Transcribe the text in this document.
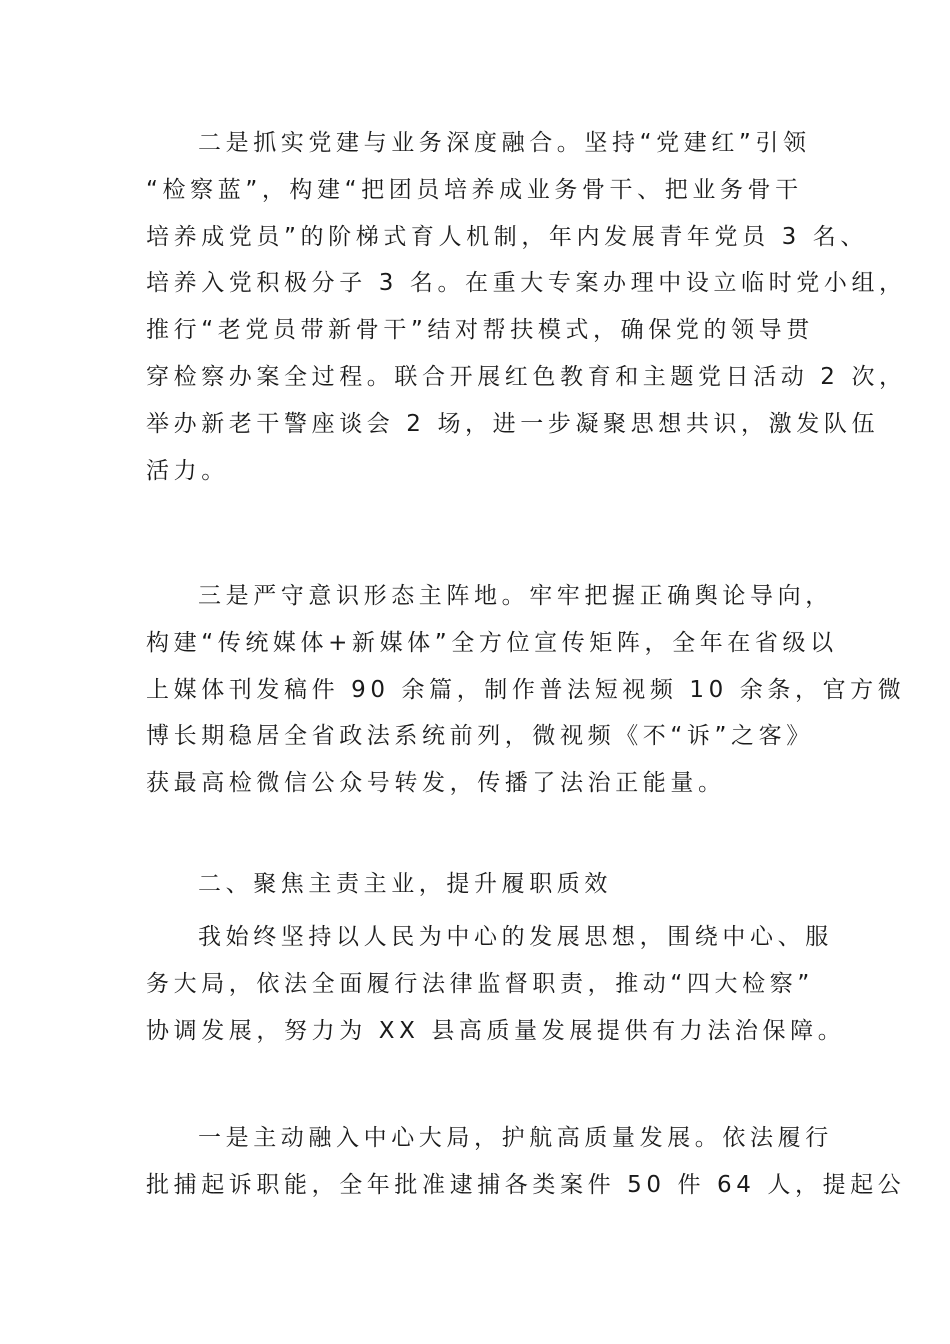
二是抓实党建与业务深度融合。坚持“党建红”引领
“检察蓝”，构建“把团员培养成业务骨干、把业务骨干
培养成党员”的阶梯式育人机制，年内发展青年党员 3 名、
培养入党积极分子 3 名。在重大专案办理中设立临时党小组，
推行“老党员带新骨干”结对帮扶模式，确保党的领导贯
穿检察办案全过程。联合开展红色教育和主题党日活动 2 次，
举办新老干警座谈会 2 场，进一步凝聚思想共识，激发队伍
活力。
三是严守意识形态主阵地。牢牢把握正确舆论导向，
构建“传统媒体+新媒体”全方位宣传矩阵，全年在省级以
上媒体刊发稿件 90 余篇，制作普法短视频 10 余条，官方微
博长期稳居全省政法系统前列，微视频《不“诉”之客》
获最高检微信公众号转发，传播了法治正能量。
二、聚焦主责主业，提升履职质效
我始终坚持以人民为中心的发展思想，围绕中心、服
务大局，依法全面履行法律监督职责，推动“四大检察”
协调发展，努力为 XX 县高质量发展提供有力法治保障。
一是主动融入中心大局，护航高质量发展。依法履行
批捕起诉职能，全年批准逮捕各类案件 50 件 64 人，提起公
